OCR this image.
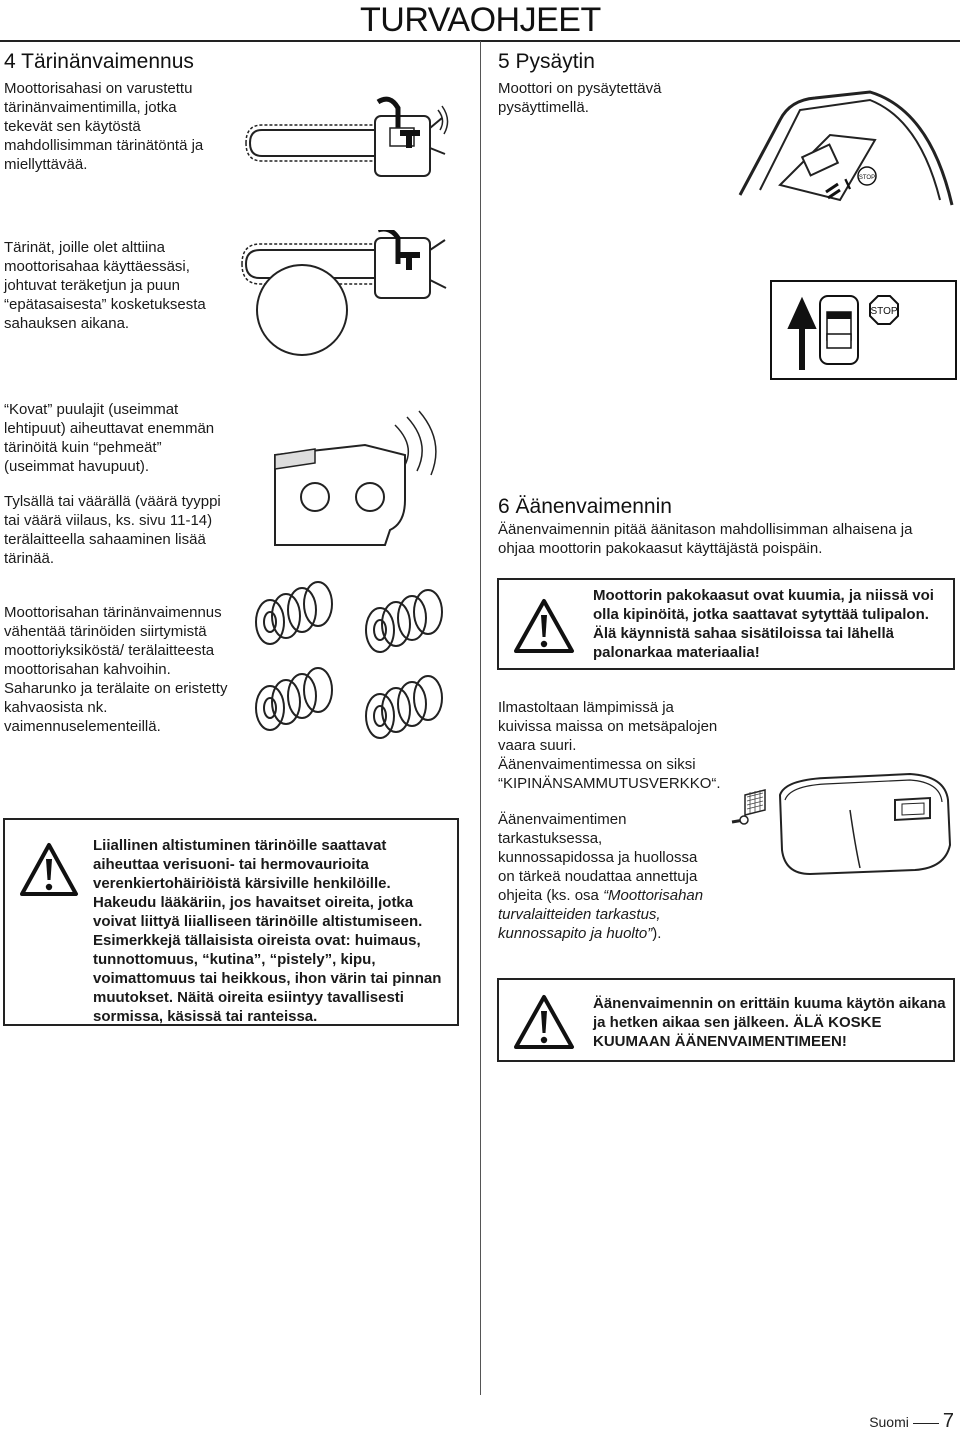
TURVAOHJEET
4 Tärinänvaimennus

Moottorisahasi on varustettu tärinänvaimentimilla, jotka tekevät sen käytöstä mahdollisimman tärinätöntä ja miellyttävää.

Tärinät, joille olet alttiina moottorisahaa käyttäessäsi, johtuvat teräketjun ja puun “epätasaisesta” kosketuksesta sahauksen aikana.

“Kovat” puulajit (useimmat lehtipuut) aiheuttavat enemmän tärinöitä kuin “pehmeät” (useimmat havupuut).

Tylsällä tai väärällä (väärä tyyppi tai väärä viilaus, ks. sivu 11-14) terälaitteella sahaaminen lisää tärinää.

Moottorisahan tärinänvaimennus vähentää tärinöiden siirtymistä moottoriyksiköstä/ terälaitteesta moottorisahan kahvoihin. Saharunko ja terälaite on eristetty kahvaosista nk. vaimennuselementeillä.

Liiallinen altistuminen tärinöille saattavat aiheuttaa verisuoni- tai hermovaurioita verenkiertohäiriöistä kärsiville henkilöille. Hakeudu lääkäriin, jos havaitset oireita, jotka voivat liittyä liialliseen tärinöille altistumiseen. Esimerkkejä tällaisista oireista ovat: huimaus, tunnottomuus, “kutina”, “pistely”, kipu, voimattomuus tai heikkous, ihon värin tai pinnan muutokset. Näitä oireita esiintyy tavallisesti sormissa, käsissä tai ranteissa.

5 Pysäytin

Moottori on pysäytettävä pysäyttimellä.

I STOP
STOP
6 Äänenvaimennin

Äänenvaimennin pitää äänitason mahdollisimman alhaisena ja ohjaa moottorin pakokaasut käyttäjästä poispäin.

Moottorin pakokaasut ovat kuumia, ja niissä voi olla kipinöitä, jotka saattavat sytyttää tulipalon. Älä käynnistä sahaa sisätiloissa tai lähellä palonarkaa materiaalia!

Ilmastoltaan lämpimissä ja kuivissa maissa on metsäpalojen vaara suuri. Äänenvaimentimessa on siksi “KIPINÄNSAMMUTUSVERKKO“.

Äänenvaimentimen tarkastuksessa, kunnossapidossa ja huollossa on tärkeä noudattaa annettuja ohjeita (ks. osa “Moottorisahan turvalaitteiden tarkastus, kunnossapito ja huolto”).

Äänenvaimennin on erittäin kuuma käytön aikana ja hetken aikaa sen jälkeen. ÄLÄ KOSKE KUUMAAN ÄÄNENVAIMENTIMEEN!

Suomi 7
